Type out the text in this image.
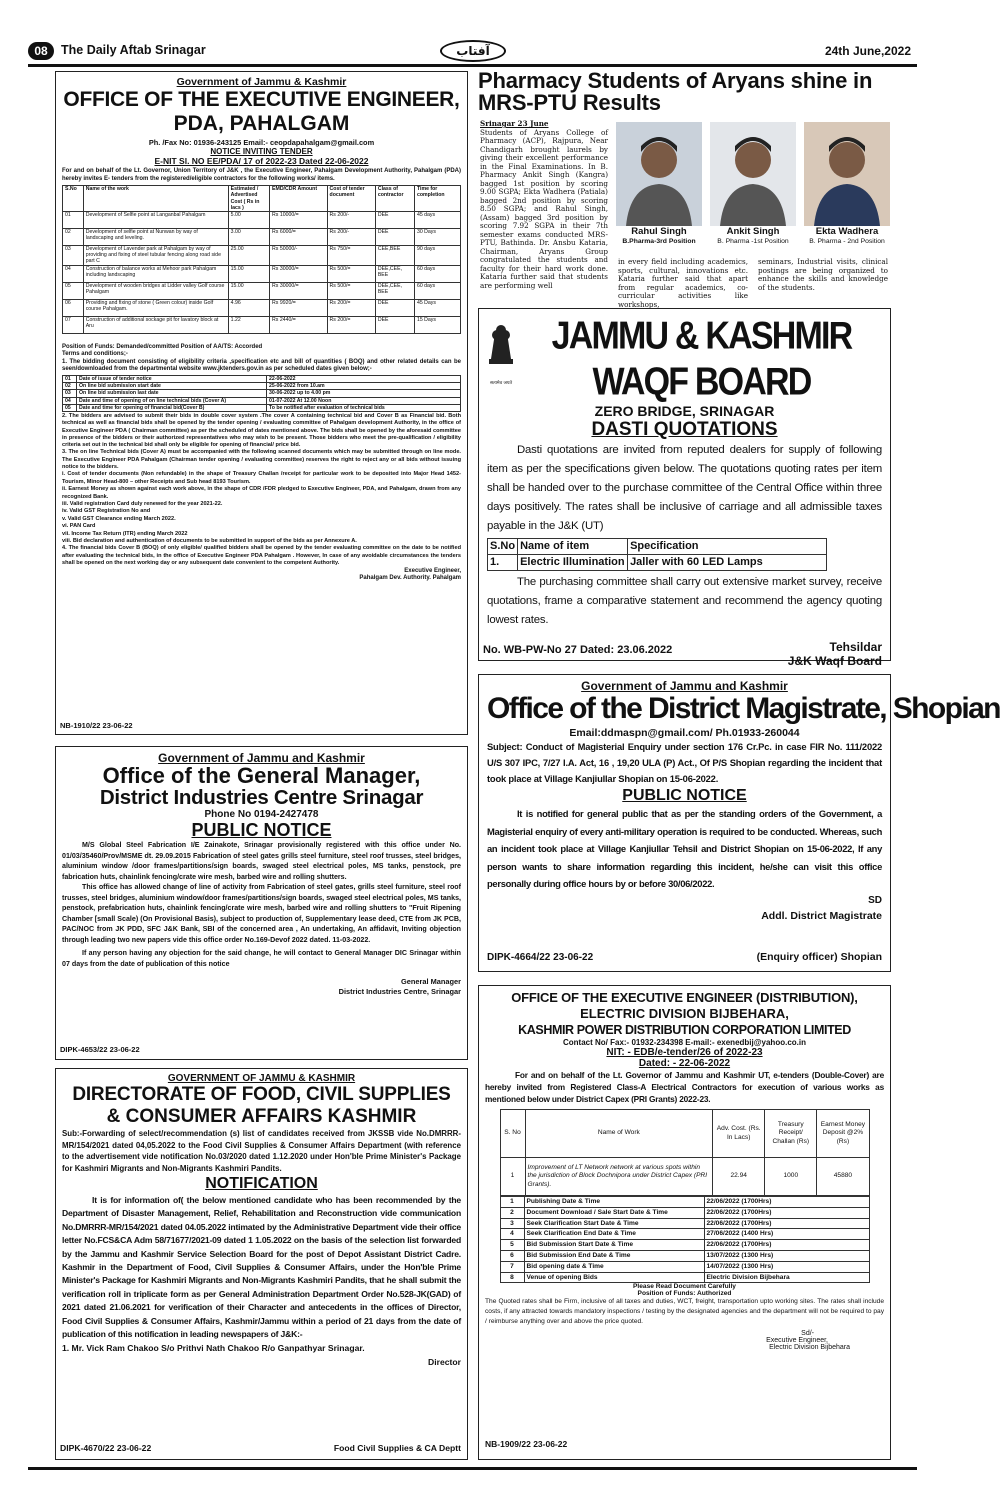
08	The Daily Aftab Srinagar	آفتاب	24th June,2022
Government of Jammu & Kashmir
OFFICE OF THE EXECUTIVE ENGINEER,
PDA, PAHALGAM
Ph. /Fax No: 01936-243125 Email:- ceopdapahalgam@gmail.com
NOTICE INVITING TENDER
E-NIT Sl. NO EE/PDA/ 17 of 2022-23 Dated 22-06-2022
For and on behalf of the Lt. Governor, Union Territory of J&K , the Executive Engineer, Pahalgam Development Authority, Pahalgam (PDA) hereby invites E- tenders from the registered/eligible contractors for the following works/ items.
S.No	Name of the work	Estimated / Advertised Cost ( Rs in lacs )	EMD/CDR Amount	Cost of tender document	Class of contractor	Time for completion
01	Development of Selfie point at Langanbal Pahalgam	5.00	Rs 10000/=	Rs 200/-	DEE	45 days
02	Development of selfie point at Nunwan by way of landscaping and leveling.	3.00	Rs 6000/=	Rs 200/-	DEE	30 Days
03	Development of Lavender park at Pahalgam by way of providing and fixing of steel tubular fencing along road side part C	25.00	Rs 50000/-	Rs 750/=	CEE,BEE	90 days
04	Construction of balance works at Mehoor park Pahalgam including landscaping	15.00	Rs 30000/=	Rs 500/=	DEE,CEE, BEE	60 days
05	Development of wooden bridges at Lidder valley Golf course Pahalgam	15.00	Rs 30000/=	Rs 500/=	DEE,CEE, BEE	60 days
06	Providing and fixing of stone ( Green colour) inside Golf course Pahalgam.	4.96	Rs 9920/=	Rs 200/=	DEE	45 Days
07	Construction of additional sockage pit for lavatory block at Aru	1.22	Rs 2440/=	Rs 200/=	DEE	15 Days
Position of Funds: Demanded/committed Position of AA/TS: Accorded
Terms and conditions;-
1. The bidding document consisting of eligibility criteria ,specification etc and bill of quantities ( BOQ) and other related details can be seen/downloaded from the departmental website www.jktenders.gov.in as per scheduled dates given below;-
01	Date of issue of tender notice	22-06-2022
02	On line bid submission start date	25-06-2022 from 10.am
03	On line bid submission last date	30-06-2022 up to 4.00 pm
04	Date and time of opening of on line technical bids (Cover A)	01-07-2022 At 12.00 Noon
05	Date and time for opening of financial bid(Cover B)	To be notified after evaluation of technical bids
2. The bidders are advised to submit their bids in double cover system .The cover A containing technical bid and Cover B as Financial bid. Both technical as well as financial bids shall be opened by the tender opening / evaluating committee of Pahalgam development Authority, in the office of Executive Engineer PDA ( Chairman committee) as per the scheduled of dates mentioned above. The bids shall be opened by the aforesaid committee in presence of the bidders or their authorized representatives who may wish to be present. Those bidders who meet the pre-qualification / eligibility criteria set out in the technical bid shall only be eligible for opening of financial/ price bid.
3. The on line Technical bids (Cover A) must be accompanied with the following scanned documents which may be submitted through on line mode. The Executive Engineer PDA Pahalgam (Chairman tender opening / evaluating committee) reserves the right to reject any or all bids without issuing notice to the bidders.
i. Cost of tender documents (Non refundable) in the shape of Treasury Challan /receipt for particular work to be deposited into Major Head 1452- Tourism, Minor Head-800 – other Receipts and Sub head 8193 Tourism.
ii. Earnest Money as shown against each work above, in the shape of CDR /FDR pledged to Executive Engineer, PDA, and Pahalgam, drawn from any recognized Bank.
iii. Valid registration Card duly renewed for the year 2021-22.
iv. Valid GST Registration No and
v. Valid GST Clearance ending March 2022.
vi. PAN Card
vii. Income Tax Return (ITR) ending March 2022
viii. Bid declaration and authentication of documents to be submitted in support of the bids as per Annexure A.
4. The financial bids Cover B (BOQ) of only eligible/ qualified bidders shall be opened by the tender evaluating committee on the date to be notified after evaluating the technical bids, in the office of Executive Engineer PDA Pahalgam . However, In case of any avoidable circumstances the tenders shall be opened on the next working day or any subsequent date convenient to the competent Authority.
Executive Engineer,
Pahalgam Dev. Authority. Pahalgam
NB-1910/22 23-06-22
Pharmacy Students of Aryans shine in MRS-PTU Results
Srinagar 23 June
Students of Aryans College of Pharmacy (ACP), Rajpura, Near Chandigarh brought laurels by giving their excellent performance in the Final Examinations. In B. Pharmacy Ankit Singh (Kangra) bagged 1st position by scoring 9.00 SGPA; Ekta Wadhera (Patiala) bagged 2nd position by scoring 8.50 SGPA; and Rahul Singh, (Assam) bagged 3rd position by scoring 7.92 SGPA in their 7th semester exams conducted MRS-PTU, Bathinda. Dr. Ansbu Kataria, Chairman, Aryans Group congratulated the students and faculty for their hard work done. Kataria further said that students are performing well
Rahul Singh
B.Pharma-3rd Position
Ankit Singh
B. Pharma -1st Position
Ekta Wadhera
B. Pharma - 2nd Position
in every field including academics, sports, cultural, innovations etc. Kataria further said that apart from regular academics, co-curricular activities like workshops,
seminars, Industrial visits, clinical postings are being organized to enhance the skills and knowledge of the students.
सत्यमेव जयते
JAMMU & KASHMIR WAQF BOARD
ZERO BRIDGE, SRINAGAR
DASTI QUOTATIONS
Dasti quotations are invited from reputed dealers for supply of following item as per the specifications given below. The quotations quoting rates per item shall be handed over to the purchase committee of the Central Office within three days positively. The rates shall be inclusive of carriage and all admissible taxes payable in the J&K (UT)
S.No	Name of item	Specification
1.	Electric Illumination	Jaller with 60 LED Lamps
The purchasing committee shall carry out extensive market survey, receive quotations, frame a comparative statement and recommend the agency quoting lowest rates.
Tehsildar
J&K Waqf Board
No. WB-PW-No 27 Dated: 23.06.2022
Government of Jammu and Kashmir
Office of the General Manager,
District Industries Centre Srinagar
Phone No 0194-2427478
PUBLIC NOTICE
M/S Global Steel Fabrication I/E Zainakote, Srinagar provisionally registered with this office under No. 01/03/35460/Prov/MSME dt. 29.09.2015 Fabrication of steel gates grills steel furniture, steel roof trusses, steel bridges, aluminium window /door frames/partitions/sign boards, swaged steel electrical poles, MS tanks, penstock, pre fabrication huts, chainlink fencing/crate wire mesh, barbed wire and rolling shutters.
This office has allowed change of line of activity from Fabrication of steel gates, grills steel furniture, steel roof trusses, steel bridges, aluminium window/door frames/partitions/sign boards, swaged steel electrical poles, MS tanks, penstock, prefabrication huts, chainlink fencing/crate wire mesh, barbed wire and rolling shutters to "Fruit Ripening Chamber [small Scale) (On Provisional Basis), subject to production of, Supplementary lease deed, CTE from JK PCB, PAC/NOC from JK PDD, SFC J&K Bank, SBI of the concerned area , An undertaking, An affidavit, Inviting objection through leading two new papers vide this office order No.169-Devof 2022 dated. 11-03-2022.
If any person having any objection for the said change, he will contact to General Manager DIC Srinagar within 07 days from the date of publication of this notice
General Manager
District Industries Centre, Srinagar
DIPK-4653/22 23-06-22
Government of Jammu and Kashmir
Office of the District Magistrate, Shopian
Email:ddmaspn@gmail.com/ Ph.01933-260044
Subject: Conduct of Magisterial Enquiry under section 176 Cr.Pc. in case FIR No. 111/2022 U/S 307 IPC, 7/27 I.A. Act, 16 , 19,20 ULA (P) Act., Of P/S Shopian regarding the incident that took place at Village Kanjiullar Shopian on 15-06-2022.
PUBLIC NOTICE
It is notified for general public that as per the standing orders of the Government, a Magisterial enquiry of every anti-military operation is required to be conducted. Whereas, such an incident took place at Village Kanjiullar Tehsil and District Shopian on 15-06-2022, If any person wants to share information regarding this incident, he/she can visit this office personally during office hours by or before 30/06/2022.
SD
Addl. District Magistrate
(Enquiry officer) Shopian
DIPK-4664/22 23-06-22
GOVERNMENT OF JAMMU & KASHMIR
DIRECTORATE OF FOOD, CIVIL SUPPLIES
& CONSUMER AFFAIRS KASHMIR
Sub:-Forwarding of select/recommendation (s) list of candidates received from JKSSB vide No.DMRRR-MR/154/2021 dated 04,05.2022 to the Food Civil Supplies & Consumer Affairs Department (with reference to the advertisement vide notification No.03/2020 dated 1.12.2020 under Hon'ble Prime Minister's Package for Kashmiri Migrants and Non-Migrants Kashmiri Pandits.
NOTIFICATION
It is for information of( the below mentioned candidate who has been recommended by the Department of Disaster Management, Relief, Rehabilitation and Reconstruction vide communication No.DMRRR-MR/154/2021 dated 04.05.2022 intimated by the Administrative Department vide their office letter No.FCS&CA Adm 58/71677/2021-09 dated 1 1.05.2022 on the basis of the selection list forwarded by the Jammu and Kashmir Service Selection Board for the post of Depot Assistant District Cadre. Kashmir in the Department of Food, Civil Supplies & Consumer Affairs, under the Hon'ble Prime Minister's Package for Kashmiri Migrants and Non-Migrants Kashmiri Pandits, that he shall submit the verification roll in triplicate form as per General Administration Department Order No.528-JK(GAD) of 2021 dated 21.06.2021 for verification of their Character and antecedents in the offices of Director, Food Civil Supplies & Consumer Affairs, Kashmir/Jammu within a period of 21 days from the date of publication of this notification in leading newspapers of J&K:-
1. Mr. Vick Ram Chakoo S/o Prithvi Nath Chakoo R/o Ganpathyar Srinagar.
Director
Food Civil Supplies & CA Deptt
DIPK-4670/22 23-06-22
OFFICE OF THE EXECUTIVE ENGINEER (DISTRIBUTION),
ELECTRIC DIVISION BIJBEHARA,
KASHMIR POWER DISTRIBUTION CORPORATION LIMITED
Contact No/ Fax:- 01932-234398 E-mail:- exenedbij@yahoo.co.in
NIT: - EDB/e-tender/26 of 2022-23
Dated: - 22-06-2022
For and on behalf of the Lt. Governor of Jammu and Kashmir UT, e-tenders (Double-Cover) are hereby invited from Registered Class-A Electrical Contractors for execution of various works as mentioned below under District Capex (PRI Grants) 2022-23.
S. No	Name of Work	Adv. Cost. (Rs. In Lacs)	Treasury Receipt/ Challan (Rs)	Earnest Money Deposit @2% (Rs)
1	Improvement of LT Network network at various spots within the jurisdiction of Block Dochnipora under District Capex (PRI Grants).	22.94	1000	45880
1	Publishing Date & Time	22/06/2022 (1700Hrs)
2	Document Download / Sale Start Date & Time	22/06/2022 (1700Hrs)
3	Seek Clarification Start Date & Time	22/06/2022 (1700Hrs)
4	Seek Clarification End Date & Time	27/06/2022 (1400 Hrs)
5	Bid Submission Start Date & Time	22/06/2022 (1700Hrs)
6	Bid Submission End Date & Time	13/07/2022 (1300 Hrs)
7	Bid opening date & Time	14/07/2022 (1300 Hrs)
8	Venue of opening Bids	Electric Division Bijbehara
Please Read Document Carefully
Position of Funds: Authorized
The Quoted rates shall be Firm, inclusive of all taxes and duties, WCT, freight, transportation upto working sites. The rates shall include costs, if any attracted towards mandatory inspections / testing by the designated agencies and the department will not be required to pay / reimburse anything over and above the price quoted.
Sd/-
Executive Engineer,
Electric Division Bijbehara
NB-1909/22 23-06-22
